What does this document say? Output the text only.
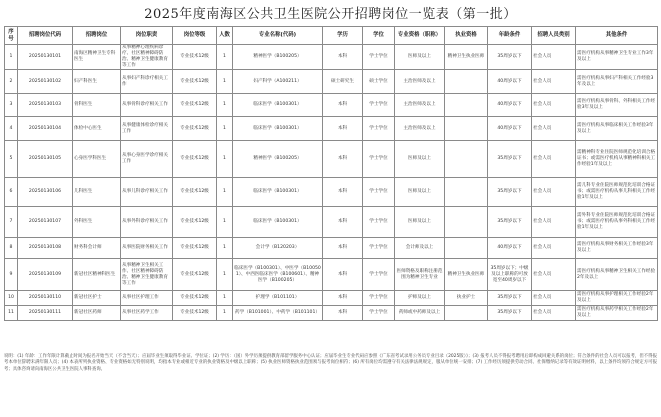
2025年度南海区公共卫生医院公开招聘岗位一览表（第一批）
序号	招聘岗位代码	招聘岗位	岗位职责	岗位等级	人数	专业名称(代码)	学历	学位	专业资格（职称）	执业资格	年龄条件	招聘人员类别	其他条件
1	20250130101	南海区精神卫生专科医生	从事精神心理疾病诊疗、社区精神障碍防治、精神卫生健康教育等工作	专业技术12级	1	精神医学（B100205）	本科	学士学位	医师及以上	精神卫生执业医师	35周岁以下	社会人员	需医疗机构从事精神卫生专业工作3年及以上
2	20250130102	妇产科医生	从事妇产科诊疗相关工作	专业技术12级	1	妇产科学（A100211）	硕士研究生	硕士学位	主治医师及以上		40周岁以下	社会人员	需医疗机构从事妇产科相关工作经验3年及以上
3	20250130103	骨科医生	从事骨科诊疗相关工作	专业技术12级	1	临床医学（B100301）	本科	学士学位	主治医师及以上		40周岁以下	社会人员	需医疗机构从事骨科、外科相关工作经验3年及以上
4	20250130104	体检中心医生	从事健康体检诊疗相关工作	专业技术12级	1	临床医学（B100301）	本科	学士学位	主治医师及以上		40周岁以下	社会人员	需医疗机构从事临床相关工作经验3年及以上
5	20250130105	心身医学科医生	从事心身医学诊疗相关工作	专业技术12级	1	精神医学（B100205）	本科	学士学位	医师及以上		35周岁以下	社会人员	需精神科专业住院医师规范化培训合格证书；或需医疗机构从事精神科相关工作经验1年及以上
6	20250130106	儿科医生	从事儿科诊疗相关工作	专业技术12级	1	临床医学（B100301）	本科	学士学位	医师及以上		35周岁以下	社会人员	需儿科专业住院医师规范化培训合格证书；或需医疗机构从事儿科相关工作经验1年及以上
7	20250130107	外科医生	从事外科诊疗相关工作	专业技术12级	1	临床医学（B100301）	本科	学士学位	医师及以上		35周岁以下	社会人员	需外科专业住院医师规范化培训合格证书；或需医疗机构从事外科相关工作经验1年及以上
8	20250130108	财务科会计师	从事医院财务相关工作	专业技术12级	1	会计学（B120203）	本科	学士学位	会计师及以上		40周岁以下	社会人员	需医疗机构从事财务相关工作经验3年及以上
9	20250130109	新冠社区精神科医生	从事精神卫生相关工作、社区精神障碍防治、精神卫生健康教育等工作	专业技术12级	1	临床医学（B100301）、中医学（B100501）、中西医临床医学（B100601）、精神医学（B100205）	本科	学士学位	医师资格及职称注册范围为精神卫生专业	精神卫生执业医师	35周岁以下；中级及以上职称的可放宽至40周岁以下	社会人员	需医疗机构从事精神卫生相关工作经验2年及以上
10	20250130110	新冠社区护士	从事社区护理工作	专业技术12级	1	护理学（B101101）	本科	学士学位	护师及以上	执业护士	35周岁以下	社会人员	需医疗机构从事护理相关工作经验2年及以上
11	20250130111	新冠社区药师	从事社区药学工作	专业技术12级	1	药学（B101001）、中药学（B101101）	本科	学士学位	药师或中药师及以上		35周岁以下	社会人员	需医疗机构从事药学相关工作经验2年及以上
说明：(1) 年龄：工作年限计算截止时间为报名开始当天（不含当天）；应届毕业生须取得毕业证、学位证；(2) 学历：（国）外学历须提供教育部留学服务中心认证；应届毕业生专业代码应参照《广东省考试录用公务员专业目录（2025版）》；(3) 报考人员不得报考聘用后即构成回避关系的岗位；符合条件的社会人员可以报考，但不得报考本单位辞聘未满年限人员；(4) 本表所列执业资格、专业资格如无特别说明，均指本专业或相近专业的执业资格及中级以上职称；(5) 执业医师资格执业范围须与报考岗位相符；(6) 所有岗位均需遵守有关法律法规规定，服从单位统一安排；(7) 工作经历须提供劳动合同、社保缴纳记录等有效证明材料，以上条件均须符合规定方可报考；具体咨询请向南海区公共卫生医院人事科查询。
